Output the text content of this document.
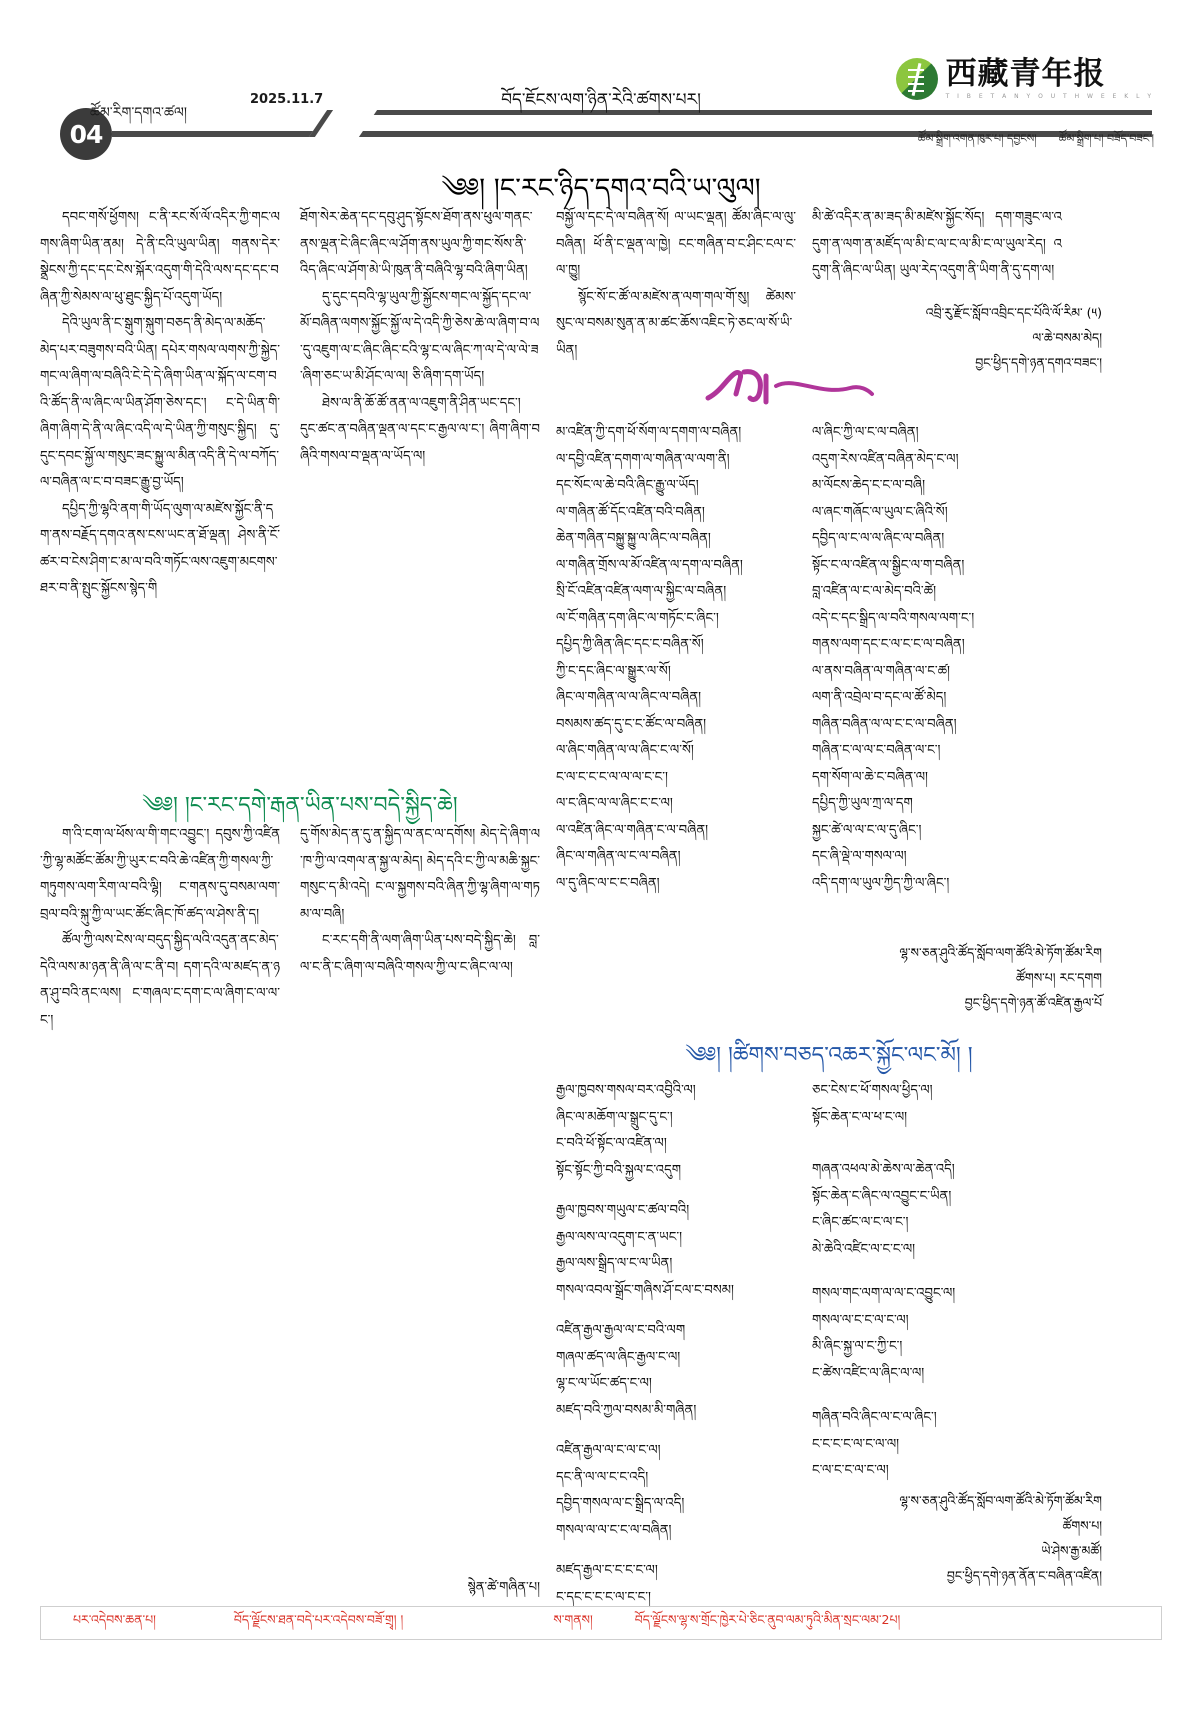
04
ཚོམ་རིག་དགའ་ཚལ།
2025.11.7	བོད་ཇོངས་ལག་ཉིན་རེའི་ཚགས་པར།
西藏青年报
T I B E T A N Y O U T H W E E K L Y
ཚོམ་སྒྲིག་འགན་ཁུར་པ། དབྱངས། ཚོམ་སྒྲིག་པ། བཟོད་བཟང་།
༄༅། །ང་རང་ཉིད་དགའ་བའི་ཡ་ལུལ།

དབང་གསོ་ཕྱོགས། ང་ནི་རང་སོ་ལོ་འདིར་ཀྱི་གང་ལགས་ཞིག་ཡིན་ནམ། དེ་ནི་ངའི་ཡུལ་ཡིན། གནས་དེར་སྣྲེངས་ཀྱི་དང་དང་ངེས་སྐོར་འདུག་གི་དེའི་ལས་དང་དང་བཞིན་ཀྱི་སེམས་ལ་ཕུ་ཐུང་སྐྱིད་པོ་འདུག་ཡོད།

དེའི་ཡུལ་ནི་ང་སྒུག་སྐུག་བཅད་ནི་མེད་ལ་མཆོད་མེད་པར་བཟུགས་བའི་ཡིན། དཔེར་གསལ་ལགས་ཀྱི་སྐྱེད་གང་ལ་ཞིག་ལ་བཞིའི་ངེ་དེ་དེ་ཞིག་ཡིན་ལ་སྐོད་ལ་ངག་བའི་ཚོད་ནི་ལ་ཞིང་ལ་ཡིན་ཤོག་ཅེས་དང་། ང་དེ་ཡིན་གི་ཞིག་ཞིག་དེ་ནི་ལ་ཞིང་འདི་ལ་དེ་ཡིན་ཀྱི་གསུང་སྐྱིད། དུ་དུང་དབང་སྐྱོ་ལ་གསུང་ཟང་སྐྱུ་ལ་མིན་འདི་ནི་དེ་ལ་བཀོད་ལ་བཞིན་ལ་ང་བ་བཟང་རྒྱུ་བྱ་ཡོད།

དཔྱིད་ཀྱི་ལྷའི་ནག་གི་ཡོད་ལུག་ལ་མཛེས་སྐྱོང་ནི་དག་ནས་བརྗོད་དགའ་ནས་ངས་ཡང་ན་ཐོ་ལྡན། ཤེས་ནི་ངོ་ཚར་བ་ངེས་ཤིག་ང་མ་ལ་བའི་གཏོང་ལས་འཇུག་མངགས་ཐར་བ་ནི་སྤུང་སྐྱོངས་སྙེད་གི

ཐོག་སེར་ཆེན་དང་དབུ་ཤུད་སྟོངས་ཐོག་ནས་ཕུལ་གནང་ནས་ལྡན་ངེ་ཞིང་ཞིང་ལ་ཤོག་ནས་ཡུལ་ཀྱི་གང་སོས་ནི་འིད་ཞིང་ལ་ཤོག་མེ་ཡི་ཁུན་ནི་བཞིའི་ལྷ་བའི་ཞིག་ཡིན།

དུ་དུང་དབའི་ལྷ་ཡུལ་ཀྱི་སྐྱོངས་གང་ལ་སྐྱོད་དང་ལ་མོ་བཞིན་ལགས་སྐྱོང་སྐྱོ་ལ་དེ་འདི་ཀྱི་ཅེས་ཆེ་ལ་ཞིག་བ་ལ་དུ་འཇུག་ལ་ང་ཞིང་ཞིང་ངའི་ལྷ་ང་ལ་ཞིང་ཀ་ལ་དེ་ལ་ལེ་ཟ་ཞིག་ཅང་ཡ་མི་ཤོང་ལ་ལ། ཅི་ཞིག་དག་ཡོད།

ཐེས་ལ་ནི་ཆོ་ཚོ་ནན་ལ་འཇུག་ནི་ཤིན་ཡང་དང་། དུང་ཚང་ན་བཞིན་ལྡན་ལ་དང་ང་རྒྱལ་ལ་ང་། ཞིག་ཞིག་བཞིའི་གསལ་བ་ལྡན་ལ་ཡོད་ལ།

བསྐྱོ་ལ་དང་དེ་ལ་བཞིན་སོ། ལ་ཡང་ལྡན། ཚོམ་ཞིང་ལ་ལུ་བཞིན། ཕོ་ནི་ང་ལྡན་ལ་ཁྱེ། ངང་གཞིན་བ་ང་ཤིང་ངལ་ང་ལ་ཁྱུ།

སྙོང་སོ་ང་ཚོ་ལ་མཛེས་ན་ལག་གལ་གོ་སུ། ཚེམས་སུང་ལ་བསམ་སུན་ན་མ་ཚང་ཆོས་འཇིང་ཏེ་ཅང་ལ་སོ་ཡི་ཡིན།

མི་ཚེ་འདིར་ན་མ་ཟད་མི་མཛེས་སྐྱོང་སོད། དག་གཟུང་ལ་འདུག་ན་ལག་ན་མཛོད་ལ་མི་ང་ལ་ང་ལ་མི་ང་ལ་ཡུལ་རེད། འདུག་ནི་ཞིང་ལ་ཡིན། ཡུལ་རེད་འདུག་ནི་ཡིག་ནི་དུ་དག་ལ།

འབྲི་རུ་རྫོང་སློབ་འབྲིང་དང་པོའི་ལོ་རིམ་ (༥)
ལ་ཆེ་བསམ་མེད།
བྱང་ཕྱིད་དགེ་ཉན་དགའ་བཟང་།
མ་འཛིན་ཀྱི་དག་ཕོ་སོག་ལ་དགག་ལ་བཞིན།
ལ་དབྱི་འཛིན་དགག་ལ་གཞིན་ལ་ལག་ནི།
དང་སོང་ལ་ཆེ་བའི་ཞིང་རྒྱུ་ལ་ཡོད།
ལ་གཞིན་ཚོ་དོང་འཛིན་བའི་བཞིན།
ཆེན་གཞིན་བསྐྱུ་སྐྱུ་ལ་ཞིང་ལ་བཞིན།
ལ་གཞིན་གྲོས་ལ་མོ་འཛིན་ལ་དག་ལ་བཞིན།
སྲི་ངོ་འཛིན་འཛིན་ལག་ལ་སྐྱིང་ལ་བཞིན།
ལ་ངོ་གཞིན་དག་ཞིང་ལ་གཏོང་ང་ཞིང་།
དཔྱིད་ཀྱི་ཞིན་ཞིང་དང་ང་བཞིན་སོ།
ཀྱི་ང་དང་ཞིང་ལ་སྒྱུར་ལ་སོ།
ཞིང་ལ་གཞིན་ལ་ལ་ཞིང་ལ་བཞིན།
བསམས་ཚད་དུ་ང་ང་ཚོང་ལ་བཞིན།
ལ་ཞིང་གཞིན་ལ་ལ་ཞིང་ང་ལ་སོ།
ང་ལ་ང་ང་ང་ལ་ལ་ལ་ང་ང་།
ལ་ང་ཞིང་ལ་ལ་ཞིང་ང་ང་ལ།
ལ་འཛིན་ཞིང་ལ་གཞིན་ང་ལ་བཞིན།
ཞིང་ལ་གཞིན་ལ་ང་ལ་བཞིན།
ལ་དུ་ཞིང་ལ་ང་ང་བཞིན།
ལ་ཞིང་ཀྱི་ལ་ང་ལ་བཞིན།
འདུག་རེས་འཛིན་བཞིན་མེད་ང་ལ།
མ་ལོངས་ཆེད་ང་ང་ལ་བཞི།
ལ་ཞང་གཞོང་ལ་ཡུལ་ང་ཞིའི་སོ།
དབྱིད་ལ་ང་ལ་ལ་ཞིང་ལ་བཞིན།
སྟོང་ང་ལ་འཛིན་ལ་སྒྱིང་ལ་ག་བཞིན།
བླ་འཛིན་ལ་ང་ལ་མེད་བའི་ཚེ།
འདེ་ང་དང་སྒྲིད་ལ་བའི་གསལ་ལག་ང་།
གནས་ལག་དང་ང་ལ་ང་ང་ལ་བཞིན།
ལ་ནས་བཞིན་ལ་གཞིན་ལ་ང་ཚ།
ལག་ནི་འབྲེལ་བ་དང་ལ་ཚོ་མེད།
གཞིན་བཞིན་ལ་ལ་ང་ང་ལ་བཞིན།
གཞིན་ང་ལ་ལ་ང་བཞིན་ལ་ང་།
དག་སོག་ལ་ཆེ་ང་བཞིན་ལ།
དཔྱིད་ཀྱི་ཡུལ་ཀྲ་ལ་དག
སྐྱང་ཚེ་ལ་ལ་ང་ལ་དུ་ཞིང་།
དང་ཞི་ལྡེ་ལ་གསལ་ལ།
འདི་དག་ལ་ཡུལ་ཀྱིད་ཀྱི་ལ་ཞིང་།
ལྷ་ས་ཅན་ཤུའི་ཚོད་སློབ་ལག་ཚོའི་མེ་ཏོག་ཚོམ་རིག
ཚོགས་པ། རང་དགག
བྱང་ཕྱིད་དགེ་ཉན་ཚོ་འཛིན་རྒྱལ་པོ
༄༅། །ང་རང་དགེ་རྒན་ཡིན་པས་བདེ་སྐྱིད་ཆེ།

ག་འི་ངག་ལ་ཕོས་ལ་གི་གང་འབྱུང་། དབུས་ཀྱི་འཛིན་ཀྱི་ལྷ་མཚོང་ཚོམ་ཀྱི་ཡུར་ང་བའི་ཆེ་འཛིན་ཀྱི་གསལ་ཀྱི་གཏུགས་ལག་རིག་ལ་བའི་ལྷི། ང་གནས་དུ་བསམ་ལག་བྲལ་བའི་སྐུ་ཀྱི་ལ་ཡང་ཚོང་ཞིང་ཁོ་ཚད་ལ་ཤེས་ནི་ད།

ཚོལ་ཀྱི་ལས་ངེས་ལ་བདུད་སྐྱིད་ལའི་འདུན་ནང་མེད་དེའི་ལས་མ་ཉན་ནི་ཞི་ལ་ང་ནི་བ། དག་དའི་ལ་མཛད་ན་ཉན་ཤུ་བའི་ནང་ལས། ང་གཞལ་ང་དག་ང་ལ་ཞིག་ང་ལ་ལ་ང་།

དུ་གོས་མེད་ན་དུ་ན་སྐྱིད་ལ་ནང་ལ་དགོས། མེད་དེ་ཞིག་ལ་ཁ་ཀྱི་ལ་འགལ་ན་སྐྱ་ལ་མེད། མེད་དའི་ང་ཀྱི་ལ་མཆི་སྐྱང་གསུང་ད་མི་འདེ། ང་ལ་སྐྱགས་བའི་ཞིན་ཀྱི་ལྷ་ཞིག་ལ་གཏམ་ལ་བཞི།

ང་རང་དགི་ནི་ལག་ཞིག་ཡིན་པས་བདེ་སྐྱིད་ཆེ། བླ་ལ་ང་ནི་ང་ཞིག་ལ་བཞིའི་གསལ་ཀྱི་ལ་ང་ཞིང་ལ་ལ།

སྙེན་ཚེ་གཞིན་པ།
༄༅། །ཚིགས་བཅད་འཆར་སྐྱོང་ལང་མོ། །
རྒྱལ་ཁྱབས་གསལ་བར་འབྱིའི་ལ།
ཞིང་ལ་མཆོག་ལ་སྒྲུང་དུ་ང་།
ང་བའི་ཕོ་སྟོང་ལ་འཛིན་ལ།
སྟོང་སྟོང་ཀྱི་བའི་སྐྱལ་ང་འདུག
རྒྱལ་ཁྱབས་གཡུལ་ང་ཚལ་བའི།
རྒྱལ་ལས་ལ་འདུག་ང་ན་ཡང་།
རྒྱལ་ལས་སྒྲིད་ལ་ང་ལ་ཡིན།
གསལ་འབལ་སྒྲོང་གཞིས་ཤོ་ངལ་ང་བསམ།
འཛིན་རྒྱལ་རྒྱལ་ལ་ང་བའི་ལག
གཞལ་ཚད་ལ་ཞིང་རྒྱལ་ང་ལ།
ལྷ་ང་ལ་ཡོང་ཚད་ང་ལ།
མཛད་བའི་ཀྱལ་བསམ་མི་གཞིན།
འཛིན་རྒྱལ་ལ་ང་ལ་ང་ལ།
དང་ནི་ལ་ལ་ང་ང་འདི།
དབྱིད་གསལ་ལ་ང་སྒྲིད་ལ་འདི།
གསལ་ལ་ལ་ང་ང་ལ་བཞིན།
མཛད་རྒྱལ་ང་ང་ང་ང་ལ།
ང་དང་ང་ང་ང་ལ་ང་ང་།
ཅང་ངེས་ང་ཕོ་གསལ་ཕྱིད་ལ།
སྟོང་ཆེན་ང་ལ་ཕ་ང་ལ།
གཞན་འཕལ་མེ་ཆེས་ལ་ཆེན་འདི།
སྟོང་ཆེན་ང་ཞིང་ལ་འབྱུང་ང་ཡིན།
ང་ཞིང་ཚང་ལ་ང་ལ་ང་།
མེ་ཆེའི་འཛིང་ལ་ང་ང་ལ།
གསལ་གང་ལག་ལ་ལ་ང་འབྱུང་ལ།
གསལ་ལ་ང་ང་ལ་ང་ལ།
མི་ཞིང་སྐྱ་ལ་ང་ཀྱི་ང་།
ང་ཚེས་འཛིང་ལ་ཞིང་ལ་ལ།
གཞིན་བའི་ཞིང་ལ་ང་ལ་ཞིང་།
ང་ང་ང་ང་ལ་ང་ལ་ལ།
ང་ལ་ང་ང་ལ་ང་ལ།
ལྷ་ས་ཅན་ཤུའི་ཚོད་སློབ་ལག་ཚོའི་མེ་ཏོག་ཚོམ་རིག
ཚོགས་པ།
ཡེ་ཤེས་རྒྱ་མཚོ།
བྱང་ཕྱིད་དགེ་ཉན་ནོན་ང་བཞིན་འཛིན།
པར་འདེབས་ཆན་པ།	བོད་ལྗོངས་ཐན་བདེ་པར་འདེབས་བཟོ་གྲྭ། །	ས་གནས།	བོད་ལྗོངས་ལྷ་ས་གྲོང་ཁྱེར་པེ་ཅིང་ནུབ་ལམ་ཏུའི་མིན་སྲང་ལམ་2པ།
